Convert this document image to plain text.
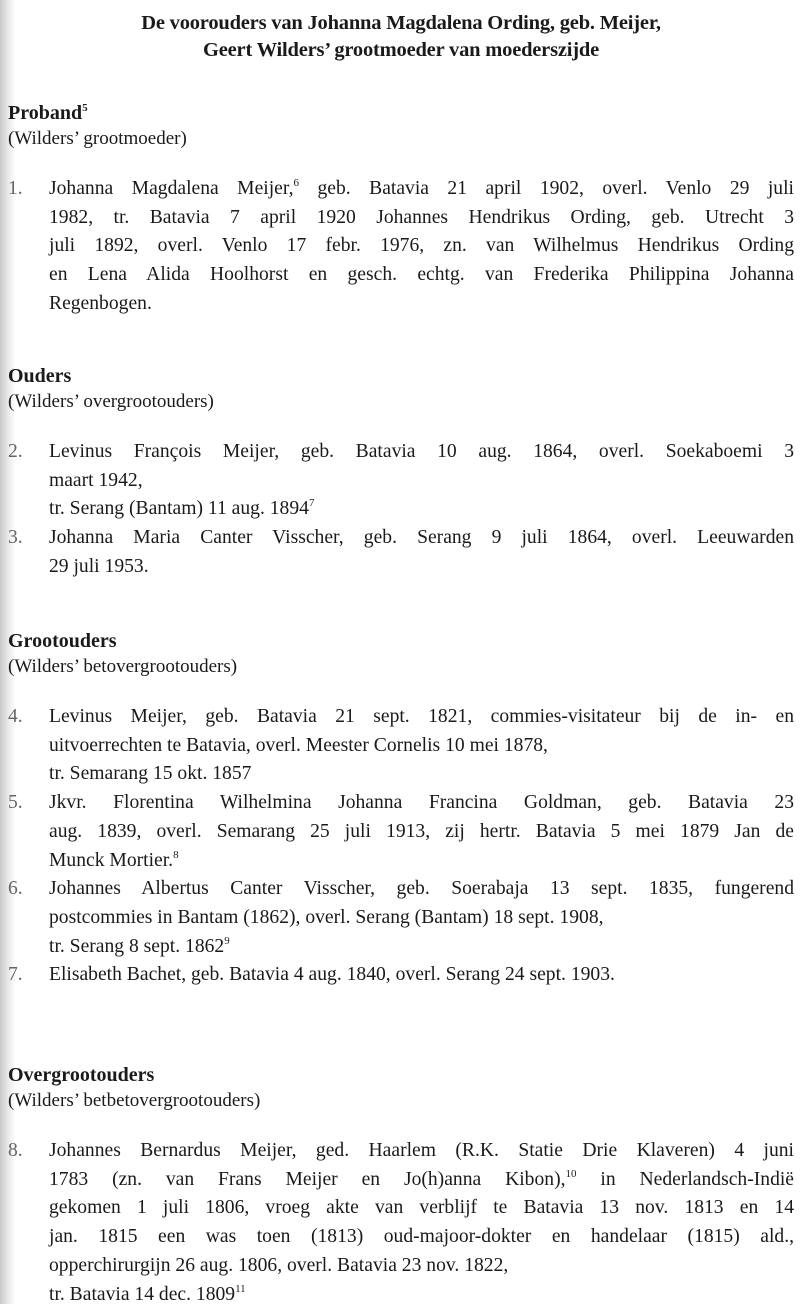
De voorouders van Johanna Magdalena Ording, geb. Meijer,
Geert Wilders’ grootmoeder van moederszijde

Proband$^5$

(Wilders’ grootmoeder)

1. Johanna Magdalena Meijer,$^6$ geb. Batavia 21 april 1902, overl. Venlo 29 juli
1982, tr. Batavia 7 april 1920 Johannes Hendrikus Ording, geb. Utrecht 3
juli 1892, overl. Venlo 17 febr. 1976, zn. van Wilhelmus Hendrikus Ording
en Lena Alida Hoolhorst en gesch. echtg. van Frederika Philippina Johanna
Regenbogen.

Ouders

(Wilders’ overgrootouders)

2. Levinus François Meijer, geb. Batavia 10 aug. 1864, overl. Soekaboemi 3
maart 1942,
tr. Serang (Bantam) 11 aug. 1894$^7$
3. Johanna Maria Canter Visscher, geb. Serang 9 juli 1864, overl. Leeuwarden
29 juli 1953.

Grootouders

(Wilders’ betovergrootouders)

4. Levinus Meijer, geb. Batavia 21 sept. 1821, commies-visitateur bij de in- en
uitvoerrechten te Batavia, overl. Meester Cornelis 10 mei 1878,
tr. Semarang 15 okt. 1857
5. Jkvr. Florentina Wilhelmina Johanna Francina Goldman, geb. Batavia 23
aug. 1839, overl. Semarang 25 juli 1913, zij hertr. Batavia 5 mei 1879 Jan de
Munck Mortier.$^8$
6. Johannes Albertus Canter Visscher, geb. Soerabaja 13 sept. 1835, fungerend
postcommies in Bantam (1862), overl. Serang (Bantam) 18 sept. 1908,
tr. Serang 8 sept. 1862$^9$
7. Elisabeth Bachet, geb. Batavia 4 aug. 1840, overl. Serang 24 sept. 1903.

Overgrootouders

(Wilders’ betbetovergrootouders)

8. Johannes Bernardus Meijer, ged. Haarlem (R.K. Statie Drie Klaveren) 4 juni
1783 (zn. van Frans Meijer en Jo(h)anna Kibon),$^{10}$ in Nederlandsch-Indië
gekomen 1 juli 1806, vroeg akte van verblijf te Batavia 13 nov. 1813 en 14
jan. 1815 een was toen (1813) oud-majoor-dokter en handelaar (1815) ald.,
opperchirurgijn 26 aug. 1806, overl. Batavia 23 nov. 1822,
tr. Batavia 14 dec. 1809$^{11}$
